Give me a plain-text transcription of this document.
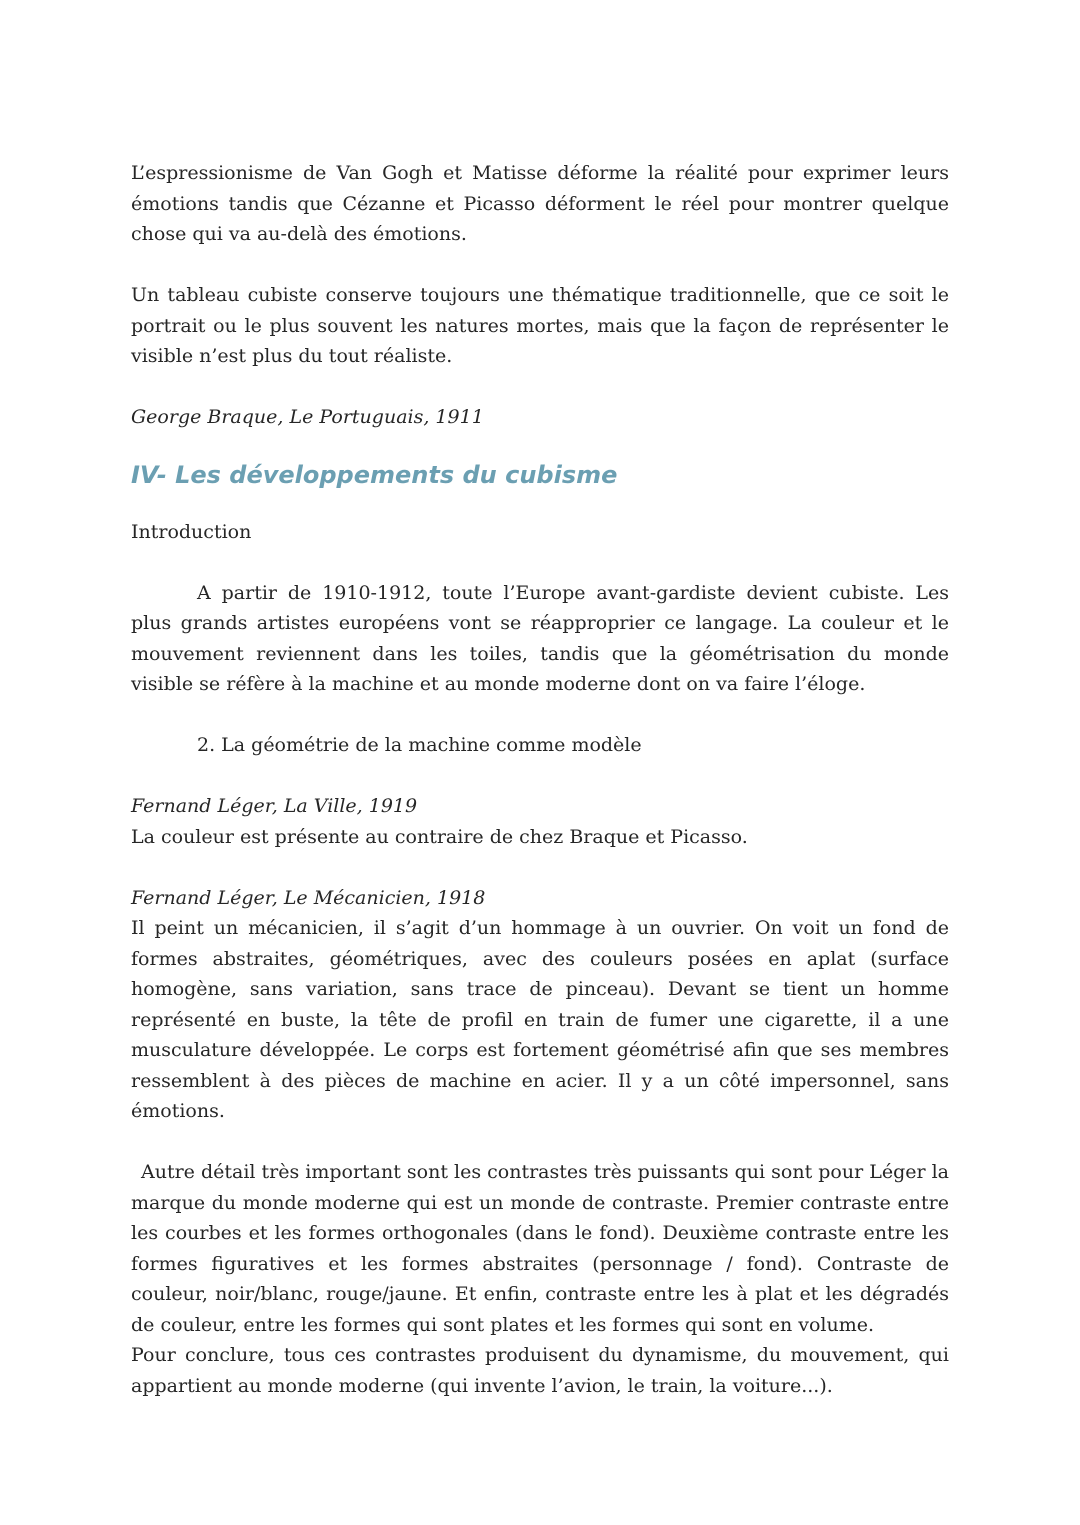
L’espressionisme de Van Gogh et Matisse déforme la réalité pour exprimer leurs émotions tandis que Cézanne et Picasso déforment le réel pour montrer quelque chose qui va au-delà des émotions.

Un tableau cubiste conserve toujours une thématique traditionnelle, que ce soit le portrait ou le plus souvent les natures mortes, mais que la façon de représenter le visible n’est plus du tout réaliste.

George Braque, Le Portuguais, 1911

IV- Les développements du cubisme

Introduction

A partir de 1910-1912, toute l’Europe avant-gardiste devient cubiste. Les plus grands artistes européens vont se réapproprier ce langage. La couleur et le mouvement reviennent dans les toiles, tandis que la géométrisation du monde visible se réfère à la machine et au monde moderne dont on va faire l’éloge.

2. La géométrie de la machine comme modèle

Fernand Léger, La Ville, 1919

La couleur est présente au contraire de chez Braque et Picasso.

Fernand Léger, Le Mécanicien, 1918

Il peint un mécanicien, il s’agit d’un hommage à un ouvrier. On voit un fond de formes abstraites, géométriques, avec des couleurs posées en aplat (surface homogène, sans variation, sans trace de pinceau). Devant se tient un homme représenté en buste, la tête de profil en train de fumer une cigarette, il a une musculature développée. Le corps est fortement géométrisé afin que ses membres ressemblent à des pièces de machine en acier. Il y a un côté impersonnel, sans émotions.

Autre détail très important sont les contrastes très puissants qui sont pour Léger la marque du monde moderne qui est un monde de contraste. Premier contraste entre les courbes et les formes orthogonales (dans le fond). Deuxième contraste entre les formes figuratives et les formes abstraites (personnage / fond). Contraste de couleur, noir/blanc, rouge/jaune. Et enfin, contraste entre les à plat et les dégradés de couleur, entre les formes qui sont plates et les formes qui sont en volume.

Pour conclure, tous ces contrastes produisent du dynamisme, du mouvement, qui appartient au monde moderne (qui invente l’avion, le train, la voiture...).
